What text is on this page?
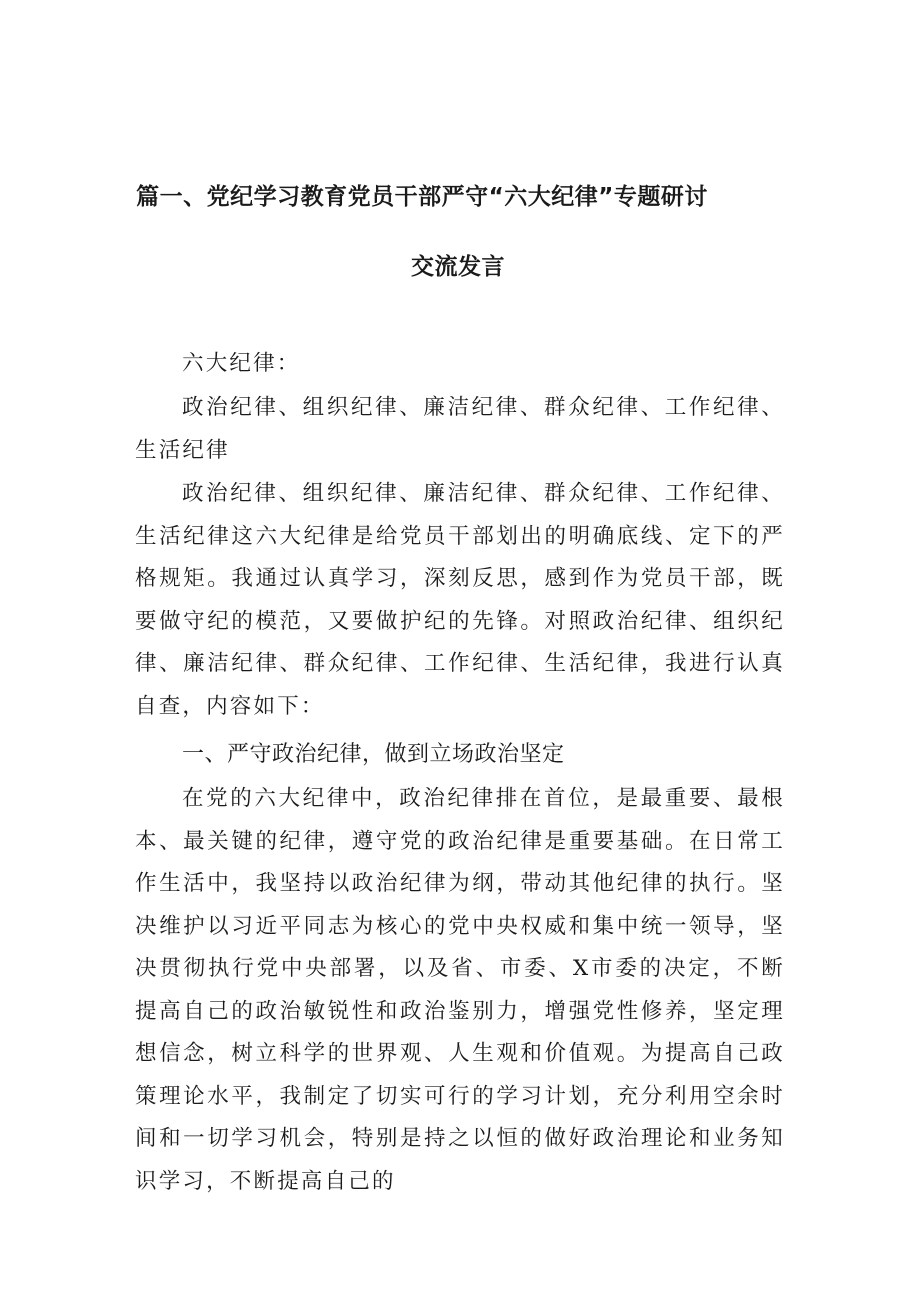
篇一、党纪学习教育党员干部严守“六大纪律”专题研讨
交流发言

六大纪律：

政治纪律、组织纪律、廉洁纪律、群众纪律、工作纪律、生活纪律

政治纪律、组织纪律、廉洁纪律、群众纪律、工作纪律、生活纪律这六大纪律是给党员干部划出的明确底线、定下的严格规矩。我通过认真学习，深刻反思，感到作为党员干部，既要做守纪的模范，又要做护纪的先锋。对照政治纪律、组织纪律、廉洁纪律、群众纪律、工作纪律、生活纪律，我进行认真自查，内容如下：

一、严守政治纪律，做到立场政治坚定

在党的六大纪律中，政治纪律排在首位，是最重要、最根本、最关键的纪律，遵守党的政治纪律是重要基础。在日常工作生活中，我坚持以政治纪律为纲，带动其他纪律的执行。坚决维护以习近平同志为核心的党中央权威和集中统一领导，坚决贯彻执行党中央部署，以及省、市委、X市委的决定，不断提高自己的政治敏锐性和政治鉴别力，增强党性修养，坚定理想信念，树立科学的世界观、人生观和价值观。为提高自己政策理论水平，我制定了切实可行的学习计划，充分利用空余时间和一切学习机会，特别是持之以恒的做好政治理论和业务知识学习，不断提高自己的
